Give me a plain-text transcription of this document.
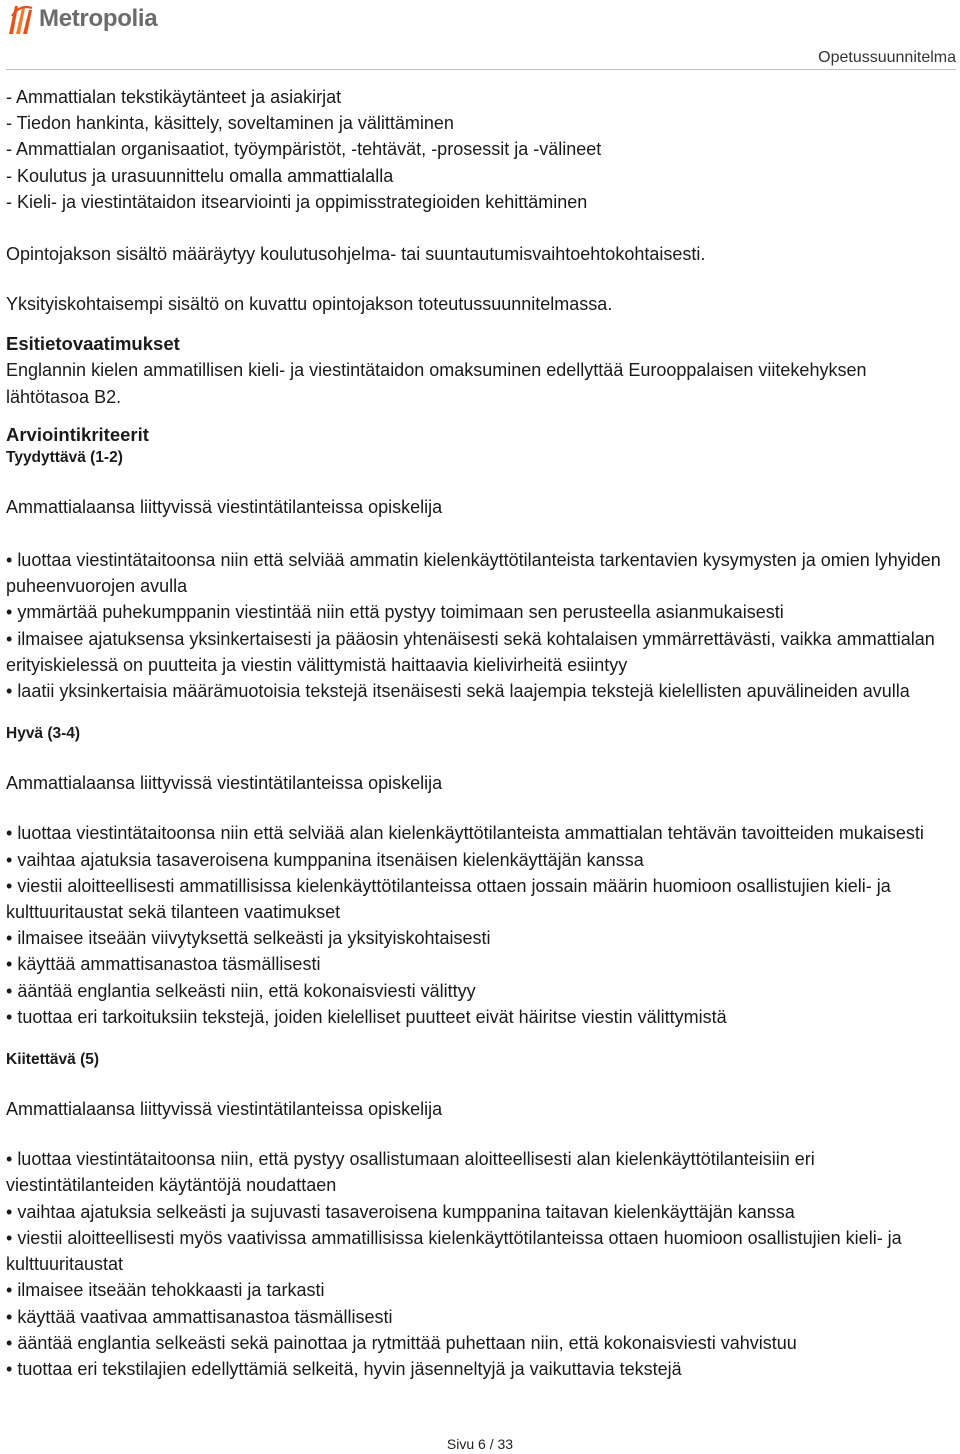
Metropolia
Opetussuunnitelma
- Ammattialan tekstikäytänteet ja asiakirjat
- Tiedon hankinta, käsittely, soveltaminen ja välittäminen
- Ammattialan organisaatiot, työympäristöt, -tehtävät, -prosessit ja -välineet
- Koulutus ja urasuunnittelu omalla ammattialalla
- Kieli- ja viestintätaidon itsearviointi ja oppimisstrategioiden kehittäminen
Opintojakson sisältö määräytyy koulutusohjelma- tai suuntautumisvaihtoehtokohtaisesti.
Yksityiskohtaisempi sisältö on kuvattu opintojakson toteutussuunnitelmassa.
Esitietovaatimukset
Englannin kielen ammatillisen kieli- ja viestintätaidon omaksuminen edellyttää Eurooppalaisen viitekehyksen lähtötasoa B2.
Arviointikriteerit
Tyydyttävä (1-2)
Ammattialaansa liittyvissä viestintätilanteissa opiskelija
• luottaa viestintätaitoonsa niin että selviää ammatin kielenkäyttötilanteista tarkentavien kysymysten ja omien lyhyiden puheenvuorojen avulla
• ymmärtää puhekumppanin viestintää niin että pystyy toimimaan sen perusteella asianmukaisesti
• ilmaisee ajatuksensa yksinkertaisesti ja pääosin yhtenäisesti sekä kohtalaisen ymmärrettävästi, vaikka ammattialan erityiskielessä on puutteita ja viestin välittymistä haittaavia kielivirheitä esiintyy
• laatii yksinkertaisia määrämuotoisia tekstejä itsenäisesti sekä laajempia tekstejä kielellisten apuvälineiden avulla
Hyvä (3-4)
Ammattialaansa liittyvissä viestintätilanteissa opiskelija
• luottaa viestintätaitoonsa niin että selviää alan kielenkäyttötilanteista ammattialan tehtävän tavoitteiden mukaisesti
• vaihtaa ajatuksia tasaveroisena kumppanina itsenäisen kielenkäyttäjän kanssa
• viestii aloitteellisesti ammatillisissa kielenkäyttötilanteissa ottaen jossain määrin huomioon osallistujien kieli- ja kulttuuritaustat sekä tilanteen vaatimukset
• ilmaisee itseään viivytyksettä selkeästi ja yksityiskohtaisesti
• käyttää ammattisanastoa täsmällisesti
• ääntää englantia selkeästi niin, että kokonaisviesti välittyy
• tuottaa eri tarkoituksiin tekstejä, joiden kielelliset puutteet eivät häiritse viestin välittymistä
Kiitettävä (5)
Ammattialaansa liittyvissä viestintätilanteissa opiskelija
• luottaa viestintätaitoonsa niin, että pystyy osallistumaan aloitteellisesti alan kielenkäyttötilanteisiin eri viestintätilanteiden käytäntöjä noudattaen
• vaihtaa ajatuksia selkeästi ja sujuvasti tasaveroisena kumppanina taitavan kielenkäyttäjän kanssa
• viestii aloitteellisesti myös vaativissa ammatillisissa kielenkäyttötilanteissa ottaen huomioon osallistujien kieli- ja kulttuuritaustat
• ilmaisee itseään tehokkaasti ja tarkasti
• käyttää vaativaa ammattisanastoa täsmällisesti
• ääntää englantia selkeästi sekä painottaa ja rytmittää puhettaan niin, että kokonaisviesti vahvistuu
• tuottaa eri tekstilajien edellyttämiä selkeitä, hyvin jäsenneltyjä ja vaikuttavia tekstejä
Sivu 6 / 33
